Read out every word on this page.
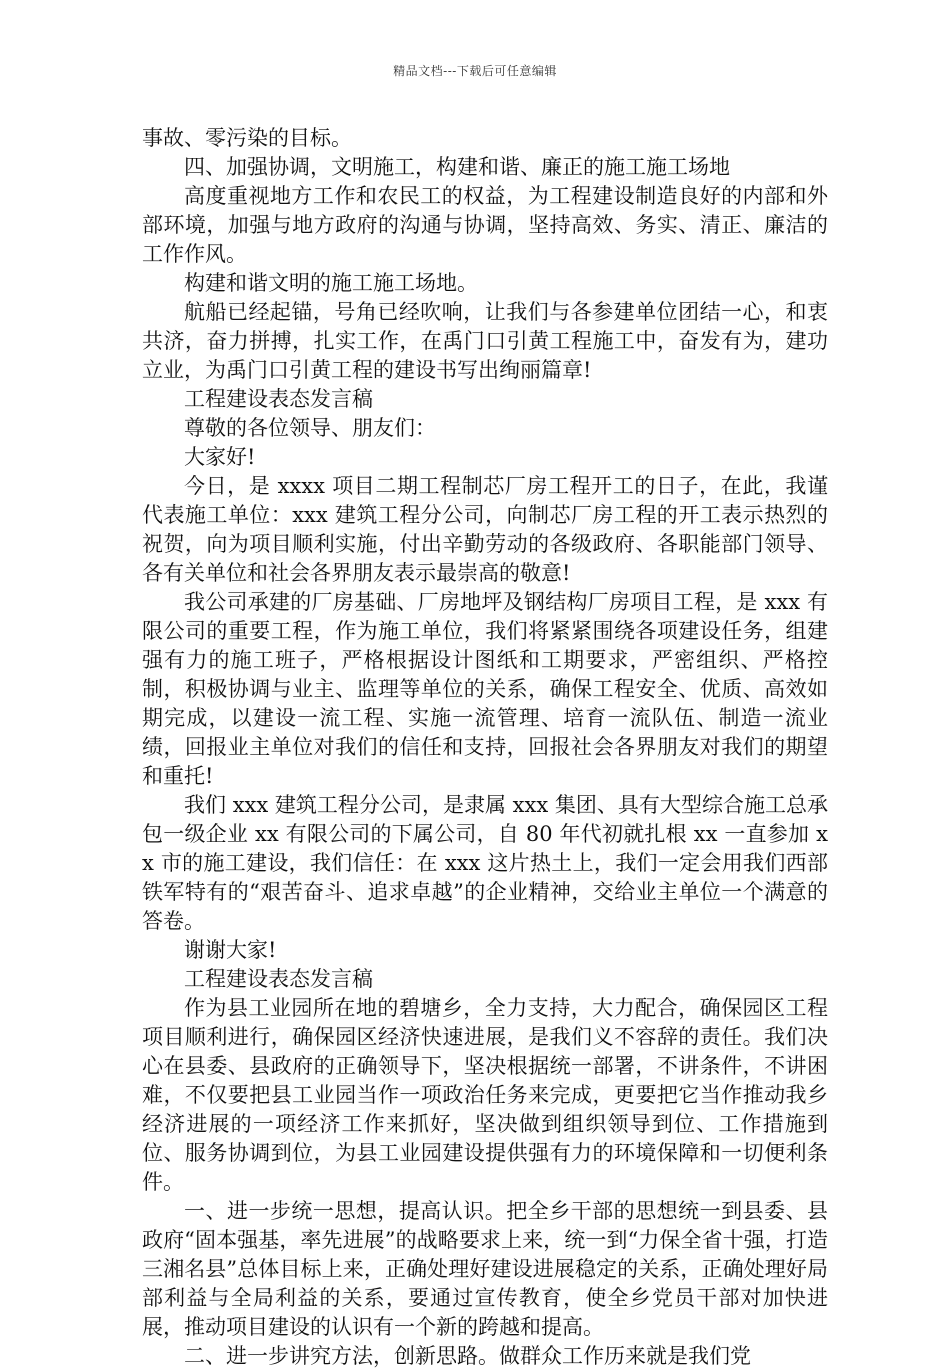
精品文档---下载后可任意编辑

事故、零污染的目标。

四、加强协调，文明施工，构建和谐、廉正的施工施工场地

高度重视地方工作和农民工的权益，为工程建设制造良好的内部和外部环境，加强与地方政府的沟通与协调，坚持高效、务实、清正、廉洁的工作作风。

构建和谐文明的施工施工场地。

航船已经起锚，号角已经吹响，让我们与各参建单位团结一心，和衷共济，奋力拼搏，扎实工作，在禹门口引黄工程施工中，奋发有为，建功立业，为禹门口引黄工程的建设书写出绚丽篇章!

工程建设表态发言稿

尊敬的各位领导、朋友们：

大家好!

今日，是 xxxx 项目二期工程制芯厂房工程开工的日子，在此，我谨代表施工单位：xxx 建筑工程分公司，向制芯厂房工程的开工表示热烈的祝贺，向为项目顺利实施，付出辛勤劳动的各级政府、各职能部门领导、各有关单位和社会各界朋友表示最崇高的敬意!

我公司承建的厂房基础、厂房地坪及钢结构厂房项目工程，是 xxx 有限公司的重要工程，作为施工单位，我们将紧紧围绕各项建设任务，组建强有力的施工班子，严格根据设计图纸和工期要求，严密组织、严格控制，积极协调与业主、监理等单位的关系，确保工程安全、优质、高效如期完成，以建设一流工程、实施一流管理、培育一流队伍、制造一流业绩，回报业主单位对我们的信任和支持，回报社会各界朋友对我们的期望和重托!

我们 xxx 建筑工程分公司，是隶属 xxx 集团、具有大型综合施工总承包一级企业 xx 有限公司的下属公司，自 80 年代初就扎根 xx 一直参加 xx 市的施工建设，我们信任：在 xxx 这片热土上，我们一定会用我们西部铁军特有的“艰苦奋斗、追求卓越”的企业精神，交给业主单位一个满意的答卷。

谢谢大家!

工程建设表态发言稿

作为县工业园所在地的碧塘乡，全力支持，大力配合，确保园区工程项目顺利进行，确保园区经济快速进展，是我们义不容辞的责任。我们决心在县委、县政府的正确领导下，坚决根据统一部署，不讲条件，不讲困难，不仅要把县工业园当作一项政治任务来完成，更要把它当作推动我乡经济进展的一项经济工作来抓好，坚决做到组织领导到位、工作措施到位、服务协调到位，为县工业园建设提供强有力的环境保障和一切便利条件。

一、进一步统一思想，提高认识。把全乡干部的思想统一到县委、县政府“固本强基，率先进展”的战略要求上来，统一到“力保全省十强，打造三湘名县”总体目标上来，正确处理好建设进展稳定的关系，正确处理好局部利益与全局利益的关系，要通过宣传教育，使全乡党员干部对加快进展，推动项目建设的认识有一个新的跨越和提高。

二、进一步讲究方法，创新思路。做群众工作历来就是我们党
